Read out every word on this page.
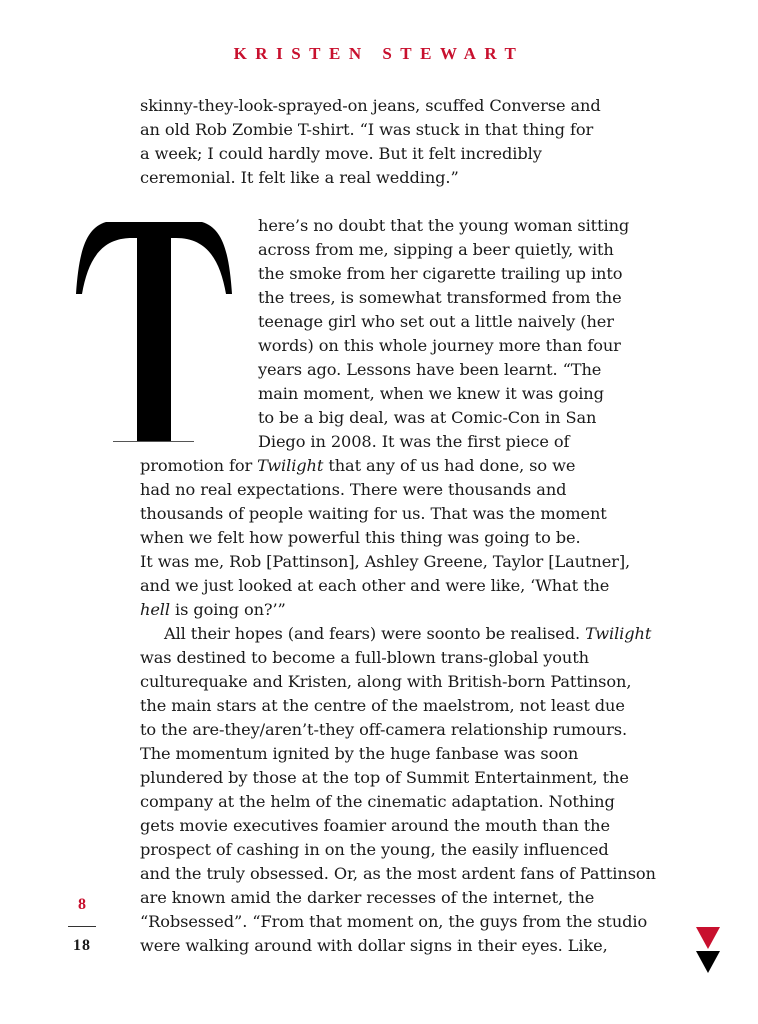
KRISTEN STEWART
skinny-they-look-sprayed-on jeans, scuffed Converse and
an old Rob Zombie T-shirt. “I was stuck in that thing for
a week; I could hardly move. But it felt incredibly
ceremonial. It felt like a real wedding.”
here’s no doubt that the young woman sitting
across from me, sipping a beer quietly, with
the smoke from her cigarette trailing up into
the trees, is somewhat transformed from the
teenage girl who set out a little naively (her
words) on this whole journey more than four
years ago. Lessons have been learnt. “The
main moment, when we knew it was going
to be a big deal, was at Comic-Con in San
Diego in 2008. It was the first piece of
promotion for Twilight that any of us had done, so we
had no real expectations. There were thousands and
thousands of people waiting for us. That was the moment
when we felt how powerful this thing was going to be.
It was me, Rob [Pattinson], Ashley Greene, Taylor [Lautner],
and we just looked at each other and were like, ‘What the
hell is going on?’”
All their hopes (and fears) were soonto be realised. Twilight
was destined to become a full-blown trans-global youth
culturequake and Kristen, along with British-born Pattinson,
the main stars at the centre of the maelstrom, not least due
to the are-they/aren’t-they off-camera relationship rumours.
The momentum ignited by the huge fanbase was soon
plundered by those at the top of Summit Entertainment, the
company at the helm of the cinematic adaptation. Nothing
gets movie executives foamier around the mouth than the
prospect of cashing in on the young, the easily influenced
and the truly obsessed. Or, as the most ardent fans of Pattinson
are known amid the darker recesses of the internet, the
“Robsessed”. “From that moment on, the guys from the studio
were walking around with dollar signs in their eyes. Like,
8
18
